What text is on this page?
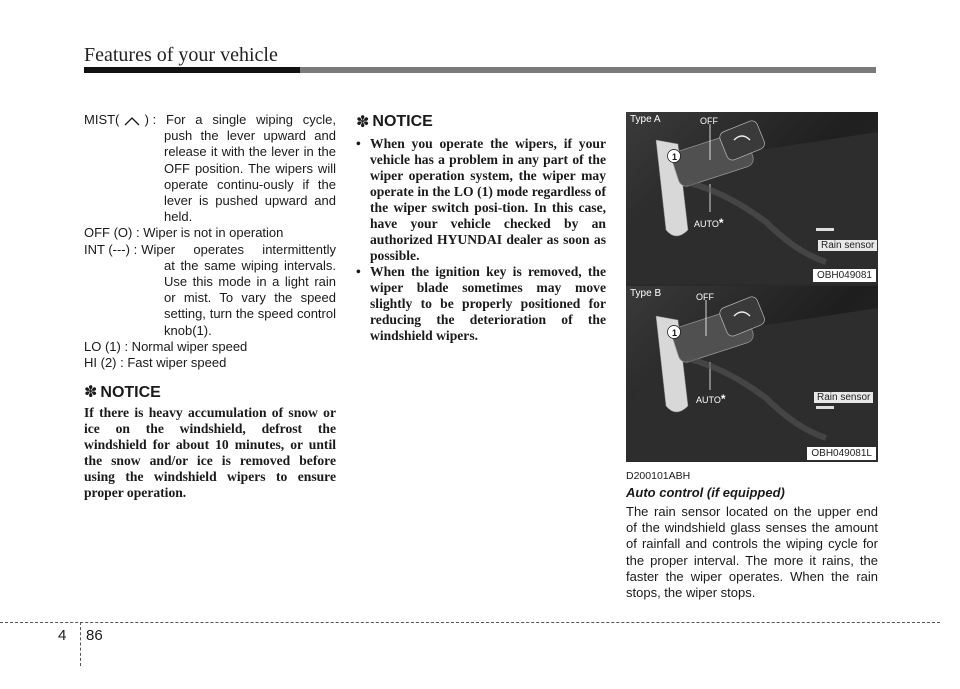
Features of your vehicle
MIST( ) : For a single wiping cycle,
push the lever upward and release it with the lever in the OFF position. The wipers will operate continu-ously if the lever is pushed upward and held.
OFF (O) : Wiper is not in operation
INT (---) : Wiper operates intermittently
at the same wiping intervals. Use this mode in a light rain or mist. To vary the speed setting, turn the speed control knob(1).
LO (1) : Normal wiper speed
HI (2) : Fast wiper speed
✽ NOTICE
If there is heavy accumulation of snow or ice on the windshield, defrost the windshield for about 10 minutes, or until the snow and/or ice is removed before using the windshield wipers to ensure proper operation.
✽ NOTICE
• When you operate the wipers, if your vehicle has a problem in any part of the wiper operation system, the wiper may operate in the LO (1) mode regardless of the wiper switch posi-tion. In this case, have your vehicle checked by an authorized HYUNDAI dealer as soon as possible.
• When the ignition key is removed, the wiper blade sometimes may move slightly to be properly positioned for reducing the deterioration of the windshield wipers.
1
Type A	OFF
AUTO*
Rain sensor
OBH049081
1
Type B	OFF
AUTO*	Rain sensor
OBH049081L
D200101ABH
Auto control (if equipped)
The rain sensor located on the upper end of the windshield glass senses the amount of rainfall and controls the wiping cycle for the proper interval. The more it rains, the faster the wiper operates. When the rain stops, the wiper stops.
4 86
